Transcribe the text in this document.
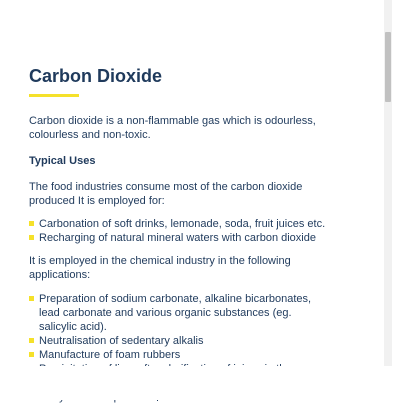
Carbon Dioxide

Carbon dioxide is a non-flammable gas which is odourless, colourless and non-toxic.

Typical Uses

The food industries consume most of the carbon dioxide produced It is employed for:

Carbonation of soft drinks, lemonade, soda, fruit juices etc.
Recharging of natural mineral waters with carbon dioxide

It is employed in the chemical industry in the following applications:

Preparation of sodium carbonate, alkaline bicarbonates, lead carbonate and various organic substances (eg. salicylic acid).
Neutralisation of sedentary alkalis
Manufacture of foam rubbers
